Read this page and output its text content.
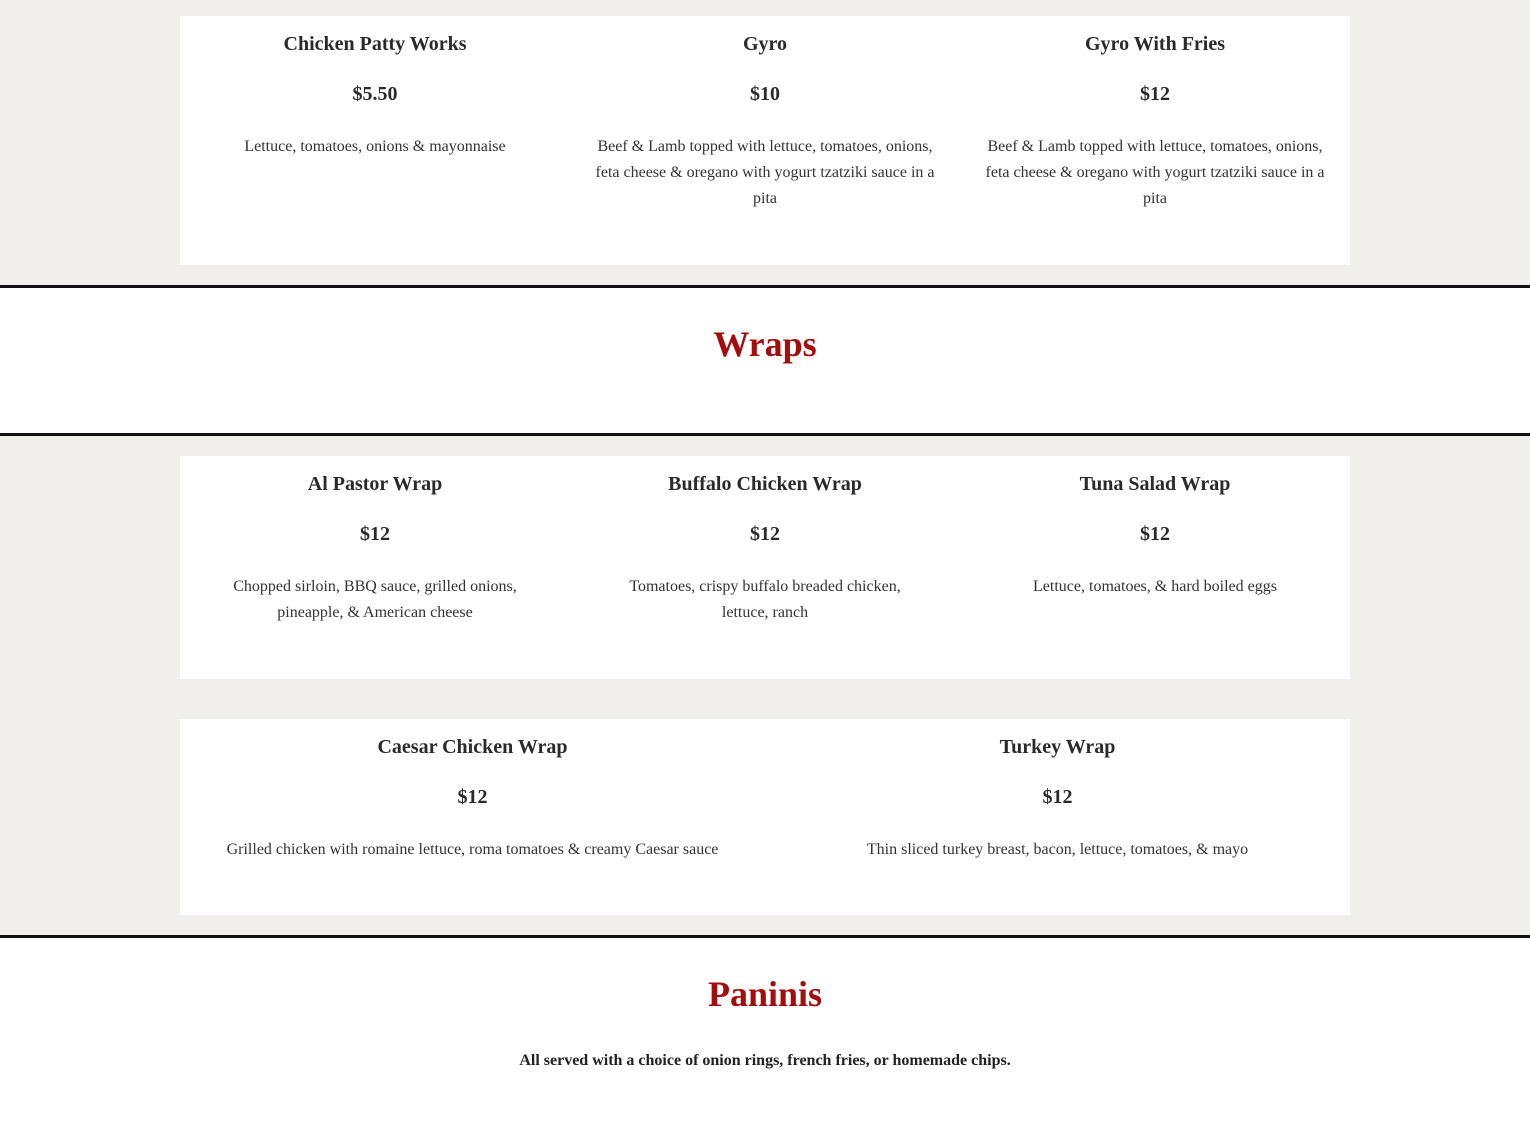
Chicken Patty Works
$5.50
Lettuce, tomatoes, onions & mayonnaise
Gyro
$10
Beef & Lamb topped with lettuce, tomatoes, onions, feta cheese & oregano with yogurt tzatziki sauce in a pita
Gyro With Fries
$12
Beef & Lamb topped with lettuce, tomatoes, onions, feta cheese & oregano with yogurt tzatziki sauce in a pita
Wraps
Al Pastor Wrap
$12
Chopped sirloin, BBQ sauce, grilled onions, pineapple, & American cheese
Buffalo Chicken Wrap
$12
Tomatoes, crispy buffalo breaded chicken, lettuce, ranch
Tuna Salad Wrap
$12
Lettuce, tomatoes, & hard boiled eggs
Caesar Chicken Wrap
$12
Grilled chicken with romaine lettuce, roma tomatoes & creamy Caesar sauce
Turkey Wrap
$12
Thin sliced turkey breast, bacon, lettuce, tomatoes, & mayo
Paninis
All served with a choice of onion rings, french fries, or homemade chips.
